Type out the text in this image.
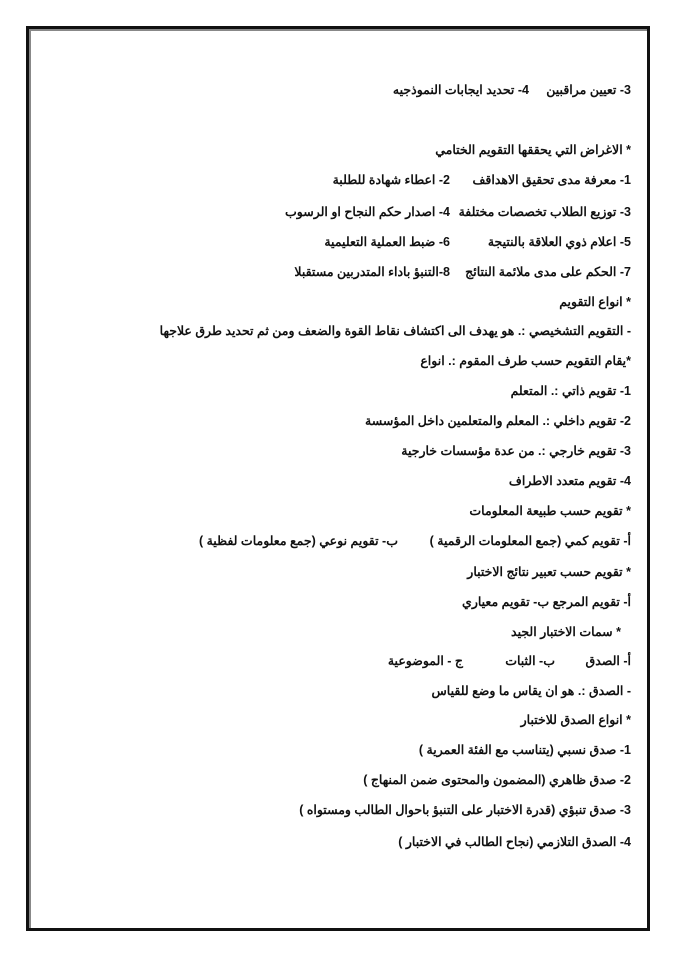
3- تعيين مراقبين
4- تحديد ايجابات النموذجيه
* الاغراض التي يحققها التقويم الختامي
1- معرفة مدى تحقيق الاهداقف
2- اعطاء شهادة للطلبة
3- توزيع الطلاب تخصصات مختلفة
4- اصدار حكم النجاح او الرسوب
5- اعلام ذوي العلاقة بالنتيجة
6- ضبط العملية التعليمية
7- الحكم على مدى ملائمة النتائج
8-التنبؤ باداء المتدربين مستقبلا
* انواع التقويم
- التقويم التشخيصي :. هو يهدف الى اكتشاف نقاط القوة والضعف ومن ثم تحديد طرق علاجها
*يقام التقويم حسب طرف المقوم :. انواع
1- تقويم ذاتي :. المتعلم
2- تقويم داخلي :. المعلم والمتعلمين داخل المؤسسة
3- تقويم خارجي :. من عدة مؤسسات خارجية
4- تقويم متعدد الاطراف
* تقويم حسب طبيعة المعلومات
أ- تقويم كمي (جمع المعلومات الرقمية )
ب- تقويم نوعي (جمع معلومات لفظية )
* تقويم حسب تعبير نتائج الاختبار
أ- تقويم المرجع ب- تقويم معياري
* سمات الاختبار الجيد
أ- الصدق
ب- الثبات
ج - الموضوعية
- الصدق :. هو ان يقاس ما وضع للقياس
* انواع الصدق للاختبار
1- صدق نسبي (يتناسب مع الفئة العمرية )
2- صدق ظاهري (المضمون والمحتوى ضمن المنهاج )
3- صدق تنبؤي (قدرة الاختبار على التنبؤ باحوال الطالب ومستواه )
4- الصدق التلازمي (نجاح الطالب في الاختبار )
